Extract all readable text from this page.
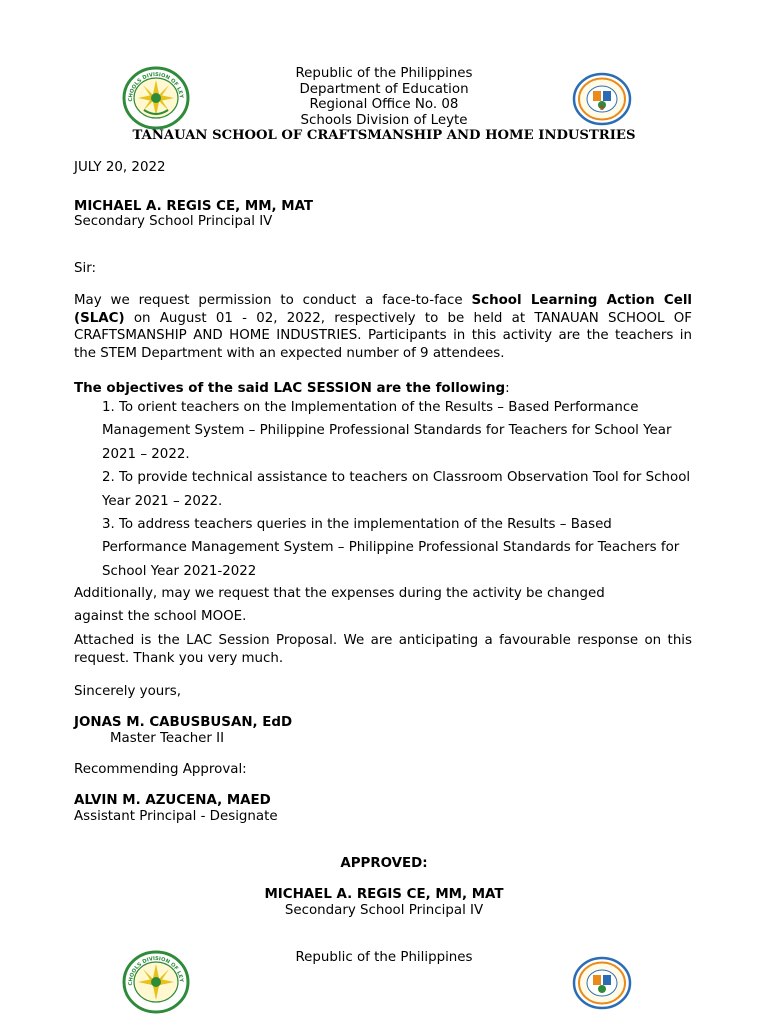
CHOOLS DIVISION OF LEY
5
Republic of the Philippines
Department of Education
Regional Office No. 08
Schools Division of Leyte
TANAUAN SCHOOL OF CRAFTSMANSHIP AND HOME INDUSTRIES
JULY 20, 2022
MICHAEL A. REGIS CE, MM, MAT
Secondary School Principal IV
Sir:
May we request permission to conduct a face-to-face School Learning Action Cell (SLAC) on August 01 - 02, 2022, respectively to be held at TANAUAN SCHOOL OF CRAFTSMANSHIP AND HOME INDUSTRIES. Participants in this activity are the teachers in the STEM Department with an expected number of 9 attendees.
The objectives of the said LAC SESSION are the following:
1. To orient teachers on the Implementation of the Results – Based Performance Management System – Philippine Professional Standards for Teachers for School Year 2021 – 2022.
2. To provide technical assistance to teachers on Classroom Observation Tool for School Year 2021 – 2022.
3. To address teachers queries in the implementation of the Results – Based Performance Management System – Philippine Professional Standards for Teachers for School Year 2021-2022
Additionally, may we request that the expenses during the activity be changed against the school MOOE.
Attached is the LAC Session Proposal. We are anticipating a favourable response on this request. Thank you very much.
Sincerely yours,
JONAS M. CABUSBUSAN, EdD
Master Teacher II
Recommending Approval:
ALVIN M. AZUCENA, MAED
Assistant Principal - Designate
APPROVED:
MICHAEL A. REGIS CE, MM, MAT
Secondary School Principal IV
CHOOLS DIVISION OF LEY
Republic of the Philippines
